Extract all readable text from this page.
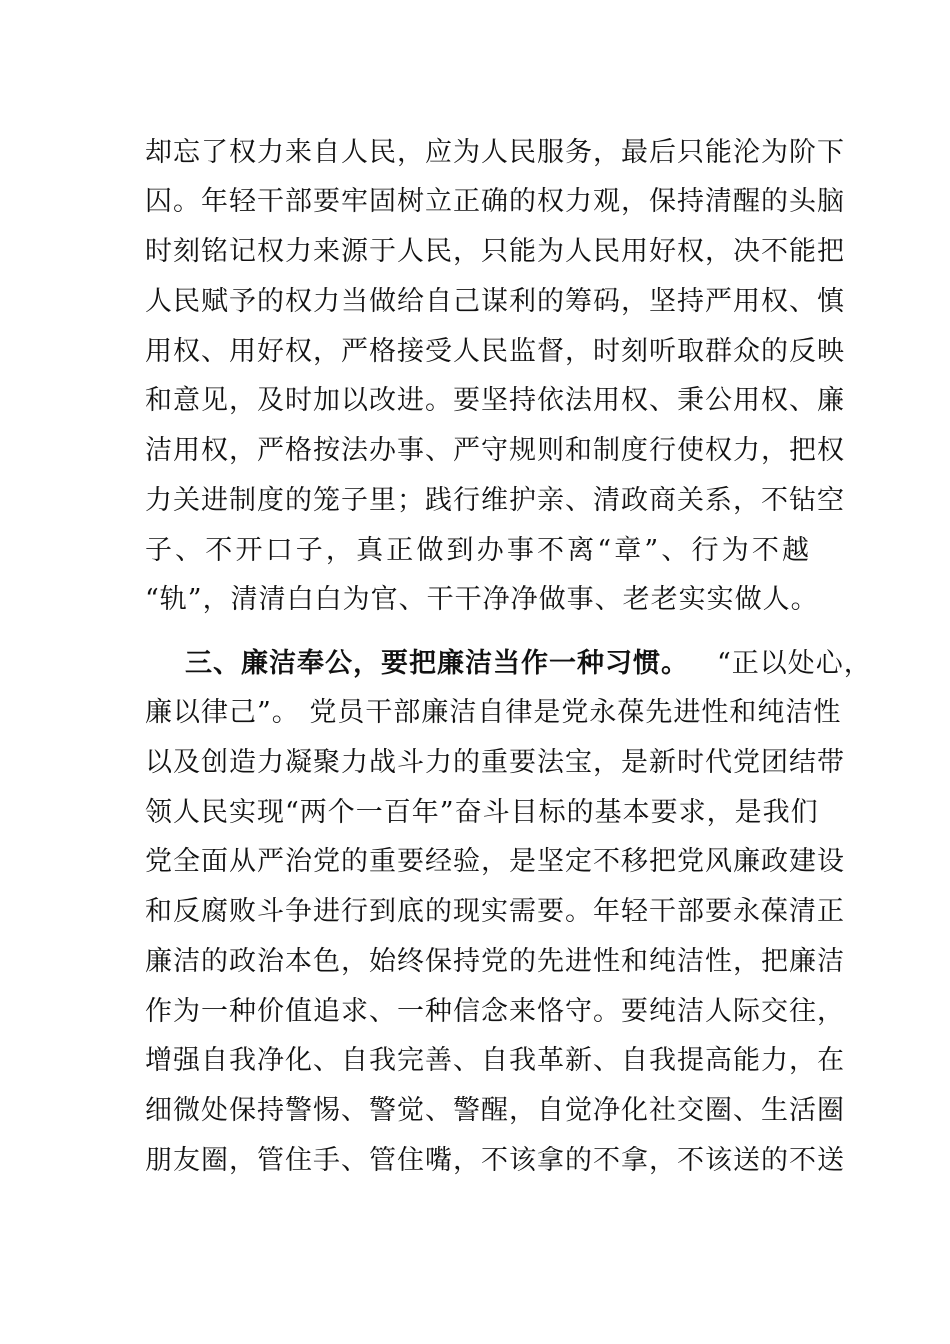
却忘了权力来自人民，应为人民服务，最后只能沦为阶下
囚。年轻干部要牢固树立正确的权力观，保持清醒的头脑
时刻铭记权力来源于人民，只能为人民用好权，决不能把
人民赋予的权力当做给自己谋利的筹码，坚持严用权、慎
用权、用好权，严格接受人民监督，时刻听取群众的反映
和意见，及时加以改进。要坚持依法用权、秉公用权、廉
洁用权，严格按法办事、严守规则和制度行使权力，把权
力关进制度的笼子里；践行维护亲、清政商关系，不钻空
子、不开口子，真正做到办事不离“章”、行为不越
“轨”，清清白白为官、干干净净做事、老老实实做人。
三、廉洁奉公，要把廉洁当作一种习惯。 “正以处心，
廉以律己”。 党员干部廉洁自律是党永葆先进性和纯洁性
以及创造力凝聚力战斗力的重要法宝，是新时代党团结带
领人民实现“两个一百年”奋斗目标的基本要求，是我们
党全面从严治党的重要经验，是坚定不移把党风廉政建设
和反腐败斗争进行到底的现实需要。年轻干部要永葆清正
廉洁的政治本色，始终保持党的先进性和纯洁性，把廉洁
作为一种价值追求、一种信念来恪守。要纯洁人际交往，
增强自我净化、自我完善、自我革新、自我提高能力，在
细微处保持警惕、警觉、警醒，自觉净化社交圈、生活圈
朋友圈，管住手、管住嘴，不该拿的不拿，不该送的不送
